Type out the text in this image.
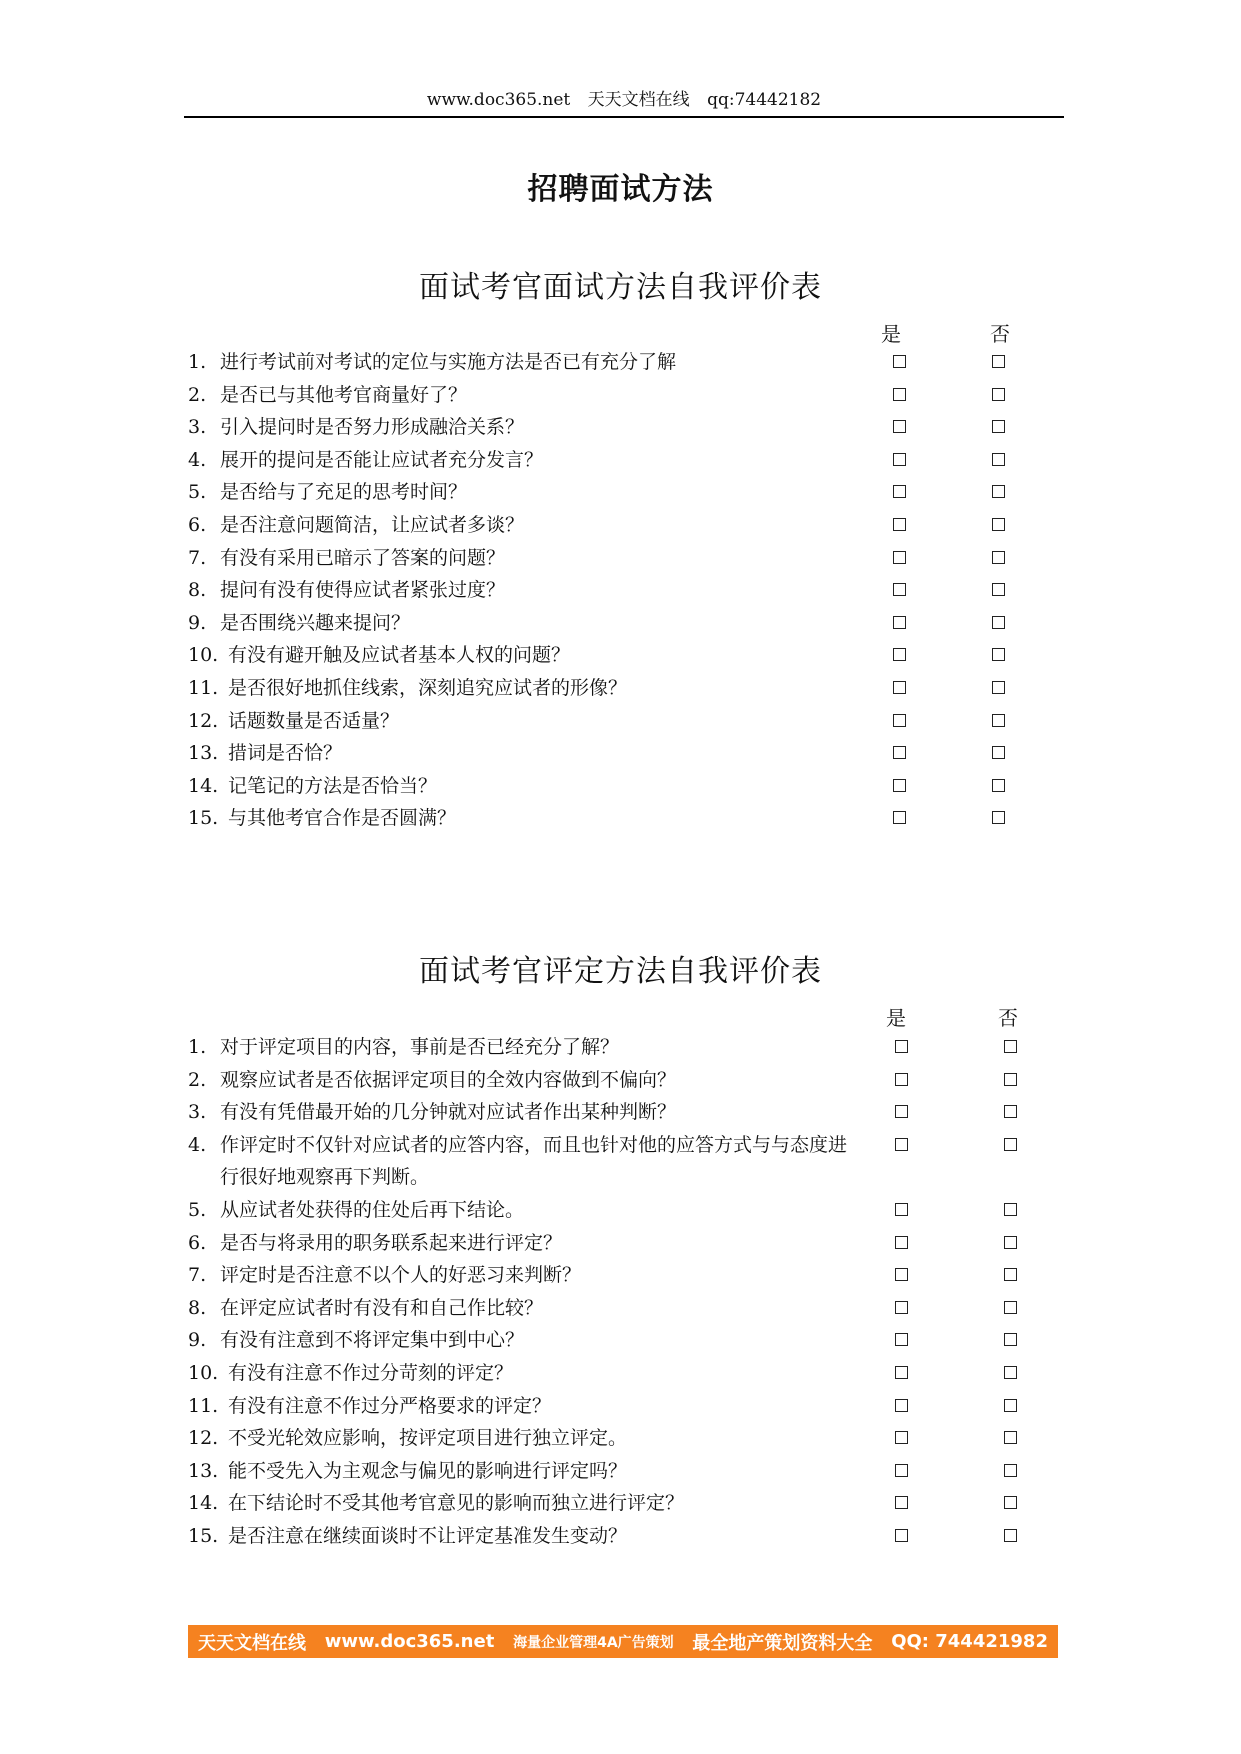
www.doc365.net 天天文档在线 qq:74442182
招聘面试方法
面试考官面试方法自我评价表
是	否
1. 进行考试前对考试的定位与实施方法是否已有充分了解
2. 是否已与其他考官商量好了？
3. 引入提问时是否努力形成融洽关系？
4. 展开的提问是否能让应试者充分发言？
5. 是否给与了充足的思考时间？
6. 是否注意问题简洁，让应试者多谈？
7. 有没有采用已暗示了答案的问题？
8. 提问有没有使得应试者紧张过度？
9. 是否围绕兴趣来提问？
10. 有没有避开触及应试者基本人权的问题？
11. 是否很好地抓住线索，深刻追究应试者的形像？
12. 话题数量是否适量？
13. 措词是否恰？
14. 记笔记的方法是否恰当？
15. 与其他考官合作是否圆满？
面试考官评定方法自我评价表
是	否
1. 对于评定项目的内容，事前是否已经充分了解？
2. 观察应试者是否依据评定项目的全效内容做到不偏向？
3. 有没有凭借最开始的几分钟就对应试者作出某种判断？
4. 作评定时不仅针对应试者的应答内容，而且也针对他的应答方式与与态度进行很好地观察再下判断。
5. 从应试者处获得的住处后再下结论。
6. 是否与将录用的职务联系起来进行评定？
7. 评定时是否注意不以个人的好恶习来判断？
8. 在评定应试者时有没有和自己作比较？
9. 有没有注意到不将评定集中到中心？
10. 有没有注意不作过分苛刻的评定？
11. 有没有注意不作过分严格要求的评定？
12. 不受光轮效应影响，按评定项目进行独立评定。
13. 能不受先入为主观念与偏见的影响进行评定吗？
14. 在下结论时不受其他考官意见的影响而独立进行评定？
15. 是否注意在继续面谈时不让评定基准发生变动？
天天文档在线 www.doc365.net 海量企业管理4A广告策划 最全地产策划资料大全 QQ: 744421982
